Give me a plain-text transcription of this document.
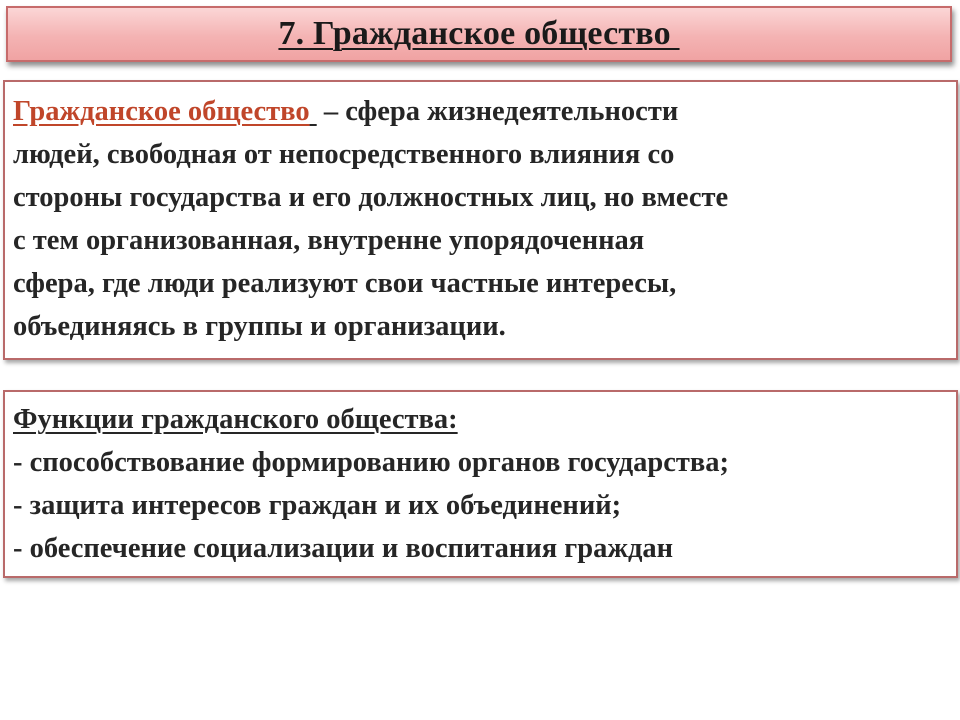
7. Гражданское общество
Гражданское общество – сфера жизнедеятельности
людей, свободная от непосредственного влияния со
стороны государства и его должностных лиц, но вместе
с тем организованная, внутренне упорядоченная
сфера, где люди реализуют свои частные интересы,
объединяясь в группы и организации.
Функции гражданского общества:
- способствование формированию органов государства;
- защита интересов граждан и их объединений;
- обеспечение социализации и воспитания граждан
